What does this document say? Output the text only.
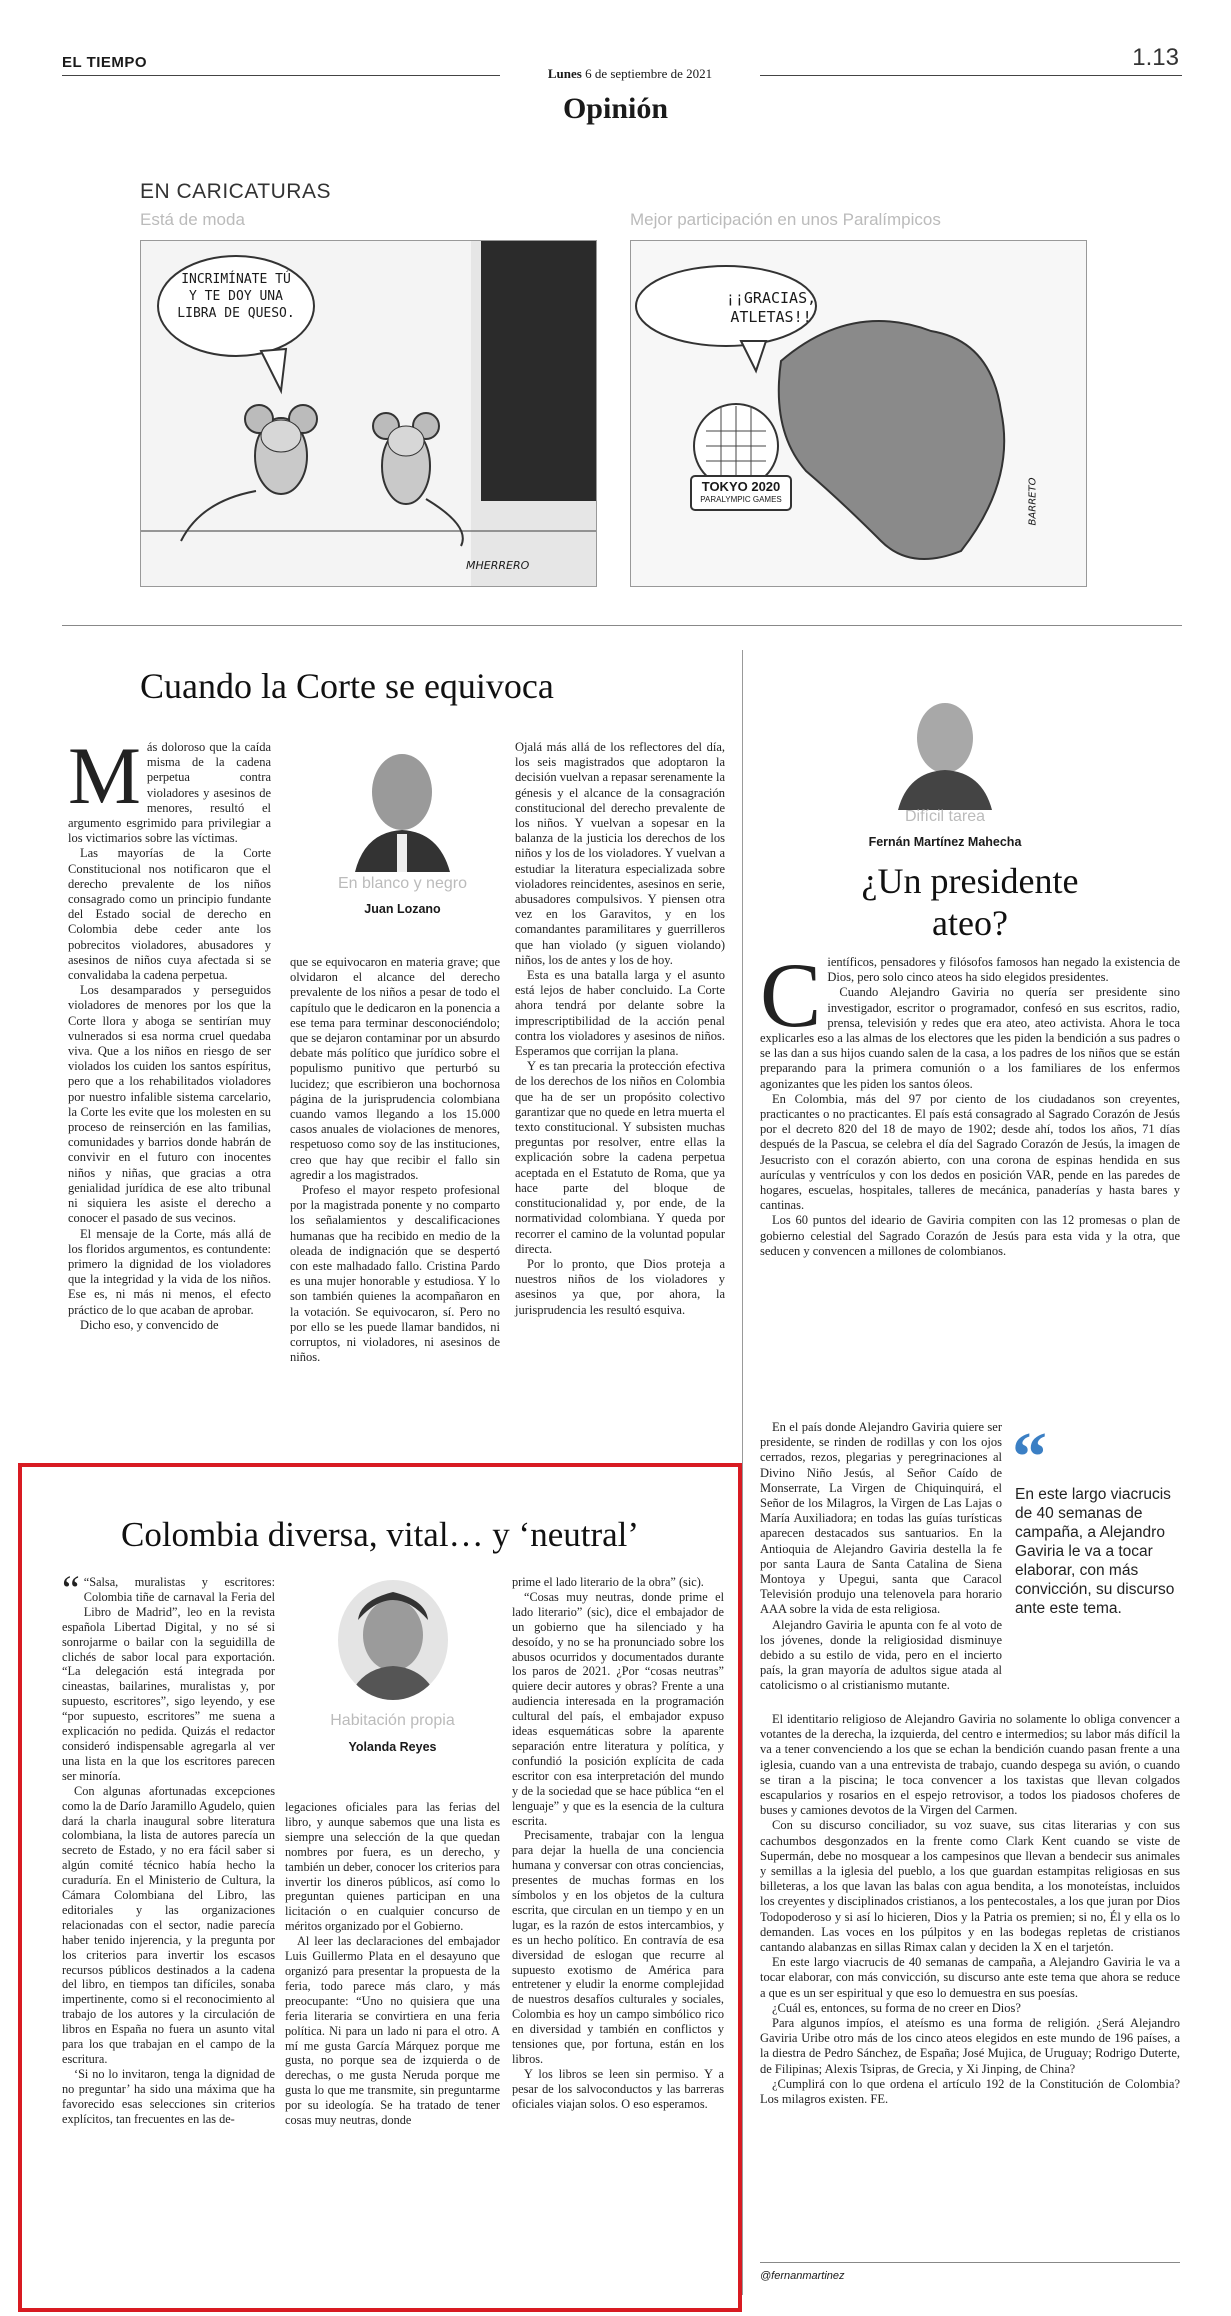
EL TIEMPO	1.13
Lunes 6 de septiembre de 2021
Opinión
EN CARICATURAS
Está de moda	Mejor participación en unos Paralímpicos
INCRIMÍNATE TÚ Y TE DOY UNA LIBRA DE QUESO.
MHERRERO
¡¡GRACIAS, ATLETAS!!
TOKYO 2020
PARALYMPIC GAMES	BARRETO
Cuando la Corte se equivoca
M ás doloroso que la caída misma de la cadena perpetua contra violadores y asesinos de menores, resultó el argumento esgrimido para privilegiar a los victimarios sobre las víctimas.

Las mayorías de la Corte Constitucional nos notificaron que el derecho prevalente de los niños consagrado como un principio fundante del Estado social de derecho en Colombia debe ceder ante los pobrecitos violadores, abusadores y asesinos de niños cuya afectada si se convalidaba la cadena perpetua.

Los desamparados y perseguidos violadores de menores por los que la Corte llora y aboga se sentirían muy vulnerados si esa norma cruel quedaba viva. Que a los niños en riesgo de ser violados los cuiden los santos espíritus, pero que a los rehabilitados violadores por nuestro infalible sistema carcelario, la Corte les evite que los molesten en su proceso de reinserción en las familias, comunidades y barrios donde habrán de convivir en el futuro con inocentes niños y niñas, que gracias a otra genialidad jurídica de ese alto tribunal ni siquiera les asiste el derecho a conocer el pasado de sus vecinos.

El mensaje de la Corte, más allá de los floridos argumentos, es contundente: primero la dignidad de los violadores que la integridad y la vida de los niños. Ese es, ni más ni menos, el efecto práctico de lo que acaban de aprobar.

Dicho eso, y convencido de

En blanco y negro
Juan Lozano

que se equivocaron en materia grave; que olvidaron el alcance del derecho prevalente de los niños a pesar de todo el capítulo que le dedicaron en la ponencia a ese tema para terminar desconociéndolo; que se dejaron contaminar por un absurdo debate más político que jurídico sobre el populismo punitivo que perturbó su lucidez; que escribieron una bochornosa página de la jurisprudencia colombiana cuando vamos llegando a los 15.000 casos anuales de violaciones de menores, respetuoso como soy de las instituciones, creo que hay que recibir el fallo sin agredir a los magistrados.

Profeso el mayor respeto profesional por la magistrada ponente y no comparto los señalamientos y descalificaciones humanas que ha recibido en medio de la oleada de indignación que se despertó con este malhadado fallo. Cristina Pardo es una mujer honorable y estudiosa. Y lo son también quienes la acompañaron en la votación. Se equivocaron, sí. Pero no por ello se les puede llamar bandidos, ni corruptos, ni violadores, ni asesinos de niños.

Ojalá más allá de los reflectores del día, los seis magistrados que adoptaron la decisión vuelvan a repasar serenamente la génesis y el alcance de la consagración constitucional del derecho prevalente de los niños. Y vuelvan a sopesar en la balanza de la justicia los derechos de los niños y los de los violadores. Y vuelvan a estudiar la literatura especializada sobre violadores reincidentes, asesinos en serie, abusadores compulsivos. Y piensen otra vez en los Garavitos, y en los comandantes paramilitares y guerrilleros que han violado (y siguen violando) niños, los de antes y los de hoy.

Esta es una batalla larga y el asunto está lejos de haber concluido. La Corte ahora tendrá por delante sobre la imprescriptibilidad de la acción penal contra los violadores y asesinos de niños. Esperamos que corrijan la plana.

Y es tan precaria la protección efectiva de los derechos de los niños en Colombia que ha de ser un propósito colectivo garantizar que no quede en letra muerta el texto constitucional. Y subsisten muchas preguntas por resolver, entre ellas la explicación sobre la cadena perpetua aceptada en el Estatuto de Roma, que ya hace parte del bloque de constitucionalidad y, por ende, de la normatividad colombiana. Y queda por recorrer el camino de la voluntad popular directa.

Por lo pronto, que Dios proteja a nuestros niños de los violadores y asesinos ya que, por ahora, la jurisprudencia les resultó esquiva.

Difícil tarea
Fernán Martínez Mahecha
¿Un presidente
ateo?
C ientíficos, pensadores y filósofos famosos han negado la existencia de Dios, pero solo cinco ateos ha sido elegidos presidentes.

Cuando Alejandro Gaviria no quería ser presidente sino investigador, escritor o programador, confesó en sus escritos, radio, prensa, televisión y redes que era ateo, ateo activista. Ahora le toca explicarles eso a las almas de los electores que les piden la bendición a sus padres o se las dan a sus hijos cuando salen de la casa, a los padres de los niños que se están preparando para la primera comunión o a los familiares de los enfermos agonizantes que les piden los santos óleos.

En Colombia, más del 97 por ciento de los ciudadanos son creyentes, practicantes o no practicantes. El país está consagrado al Sagrado Corazón de Jesús por el decreto 820 del 18 de mayo de 1902; desde ahí, todos los años, 71 días después de la Pascua, se celebra el día del Sagrado Corazón de Jesús, la imagen de Jesucristo con el corazón abierto, con una corona de espinas hendida en sus aurículas y ventrículos y con los dedos en posición VAR, pende en las paredes de hogares, escuelas, hospitales, talleres de mecánica, panaderías y hasta bares y cantinas.

Los 60 puntos del ideario de Gaviria compiten con las 12 promesas o plan de gobierno celestial del Sagrado Corazón de Jesús para esta vida y la otra, que seducen y convencen a millones de colombianos.

En el país donde Alejandro Gaviria quiere ser presidente, se rinden de rodillas y con los ojos cerrados, rezos, plegarias y peregrinaciones al Divino Niño Jesús, al Señor Caído de Monserrate, La Virgen de Chiquinquirá, el Señor de los Milagros, la Virgen de Las Lajas o María Auxiliadora; en todas las guías turísticas aparecen destacados sus santuarios. En la Antioquia de Alejandro Gaviria destella la fe por santa Laura de Santa Catalina de Siena Montoya y Upegui, santa que Caracol Televisión produjo una telenovela para horario AAA sobre la vida de esta religiosa.

Alejandro Gaviria le apunta con fe al voto de los jóvenes, donde la religiosidad disminuye debido a su estilo de vida, pero en el incierto país, la gran mayoría de adultos sigue atada al catolicismo o al cristianismo mutante.

“
En este largo viacrucis de 40 semanas de campaña, a Alejandro Gaviria le va a tocar elaborar, con más convicción, su discurso ante este tema.

El identitario religioso de Alejandro Gaviria no solamente lo obliga convencer a votantes de la derecha, la izquierda, del centro e intermedios; su labor más difícil la va a tener convenciendo a los que se echan la bendición cuando pasan frente a una iglesia, cuando van a una entrevista de trabajo, cuando despega su avión, o cuando se tiran a la piscina; le toca convencer a los taxistas que llevan colgados escapularios y rosarios en el espejo retrovisor, a todos los piadosos choferes de buses y camiones devotos de la Virgen del Carmen.

Con su discurso conciliador, su voz suave, sus citas literarias y con sus cachumbos desgonzados en la frente como Clark Kent cuando se viste de Supermán, debe no mosquear a los campesinos que llevan a bendecir sus animales y semillas a la iglesia del pueblo, a los que guardan estampitas religiosas en sus billeteras, a los que lavan las balas con agua bendita, a los monoteístas, incluidos los creyentes y disciplinados cristianos, a los pentecostales, a los que juran por Dios Todopoderoso y si así lo hicieren, Dios y la Patria os premien; si no, Él y ella os lo demanden. Las voces en los púlpitos y en las bodegas repletas de cristianos cantando alabanzas en sillas Rimax calan y deciden la X en el tarjetón.

En este largo viacrucis de 40 semanas de campaña, a Alejandro Gaviria le va a tocar elaborar, con más convicción, su discurso ante este tema que ahora se reduce a que es un ser espiritual y que eso lo demuestra en sus poesías.

¿Cuál es, entonces, su forma de no creer en Dios?

Para algunos impíos, el ateísmo es una forma de religión. ¿Será Alejandro Gaviria Uribe otro más de los cinco ateos elegidos en este mundo de 196 países, a la diestra de Pedro Sánchez, de España; José Mujica, de Uruguay; Rodrigo Duterte, de Filipinas; Alexis Tsipras, de Grecia, y Xi Jinping, de China?

¿Cumplirá con lo que ordena el artículo 192 de la Constitución de Colombia? Los milagros existen. FE.

@fernanmartinez
Colombia diversa, vital… y ‘neutral’
“ “Salsa, muralistas y escritores: Colombia tiñe de carnaval la Feria del Libro de Madrid”, leo en la revista española Libertad Digital, y no sé si sonrojarme o bailar con la seguidilla de clichés de sabor local para exportación. “La delegación está integrada por cineastas, bailarines, muralistas y, por supuesto, escritores”, sigo leyendo, y ese “por supuesto, escritores” me suena a explicación no pedida. Quizás el redactor consideró indispensable agregarla al ver una lista en la que los escritores parecen ser minoría.

Con algunas afortunadas excepciones como la de Darío Jaramillo Agudelo, quien dará la charla inaugural sobre literatura colombiana, la lista de autores parecía un secreto de Estado, y no era fácil saber si algún comité técnico había hecho la curaduría. En el Ministerio de Cultura, la Cámara Colombiana del Libro, las editoriales y las organizaciones relacionadas con el sector, nadie parecía haber tenido injerencia, y la pregunta por los criterios para invertir los escasos recursos públicos destinados a la cadena del libro, en tiempos tan difíciles, sonaba impertinente, como si el reconocimiento al trabajo de los autores y la circulación de libros en España no fuera un asunto vital para los que trabajan en el campo de la escritura.

‘Si no lo invitaron, tenga la dignidad de no preguntar’ ha sido una máxima que ha favorecido esas selecciones sin criterios explícitos, tan frecuentes en las de-

Habitación propia
Yolanda Reyes

legaciones oficiales para las ferias del libro, y aunque sabemos que una lista es siempre una selección de la que quedan nombres por fuera, es un derecho, y también un deber, conocer los criterios para invertir los dineros públicos, así como lo preguntan quienes participan en una licitación o en cualquier concurso de méritos organizado por el Gobierno.

Al leer las declaraciones del embajador Luis Guillermo Plata en el desayuno que organizó para presentar la propuesta de la feria, todo parece más claro, y más preocupante: “Uno no quisiera que una feria literaria se convirtiera en una feria política. Ni para un lado ni para el otro. A mí me gusta García Márquez porque me gusta, no porque sea de izquierda o de derechas, o me gusta Neruda porque me gusta lo que me transmite, sin preguntarme por su ideología. Se ha tratado de tener cosas muy neutras, donde

prime el lado literario de la obra” (sic).

“Cosas muy neutras, donde prime el lado literario” (sic), dice el embajador de un gobierno que ha silenciado y ha desoído, y no se ha pronunciado sobre los abusos ocurridos y documentados durante los paros de 2021. ¿Por “cosas neutras” quiere decir autores y obras? Frente a una audiencia interesada en la programación cultural del país, el embajador expuso ideas esquemáticas sobre la aparente separación entre literatura y política, y confundió la posición explícita de cada escritor con esa interpretación del mundo y de la sociedad que se hace pública “en el lenguaje” y que es la esencia de la cultura escrita.

Precisamente, trabajar con la lengua para dejar la huella de una conciencia humana y conversar con otras conciencias, presentes de muchas formas en los símbolos y en los objetos de la cultura escrita, que circulan en un tiempo y en un lugar, es la razón de estos intercambios, y es un hecho político. En contravía de esa diversidad de eslogan que recurre al supuesto exotismo de América para entretener y eludir la enorme complejidad de nuestros desafíos culturales y sociales, Colombia es hoy un campo simbólico rico en diversidad y también en conflictos y tensiones que, por fortuna, están en los libros.

Y los libros se leen sin permiso. Y a pesar de los salvoconductos y las barreras oficiales viajan solos. O eso esperamos.
